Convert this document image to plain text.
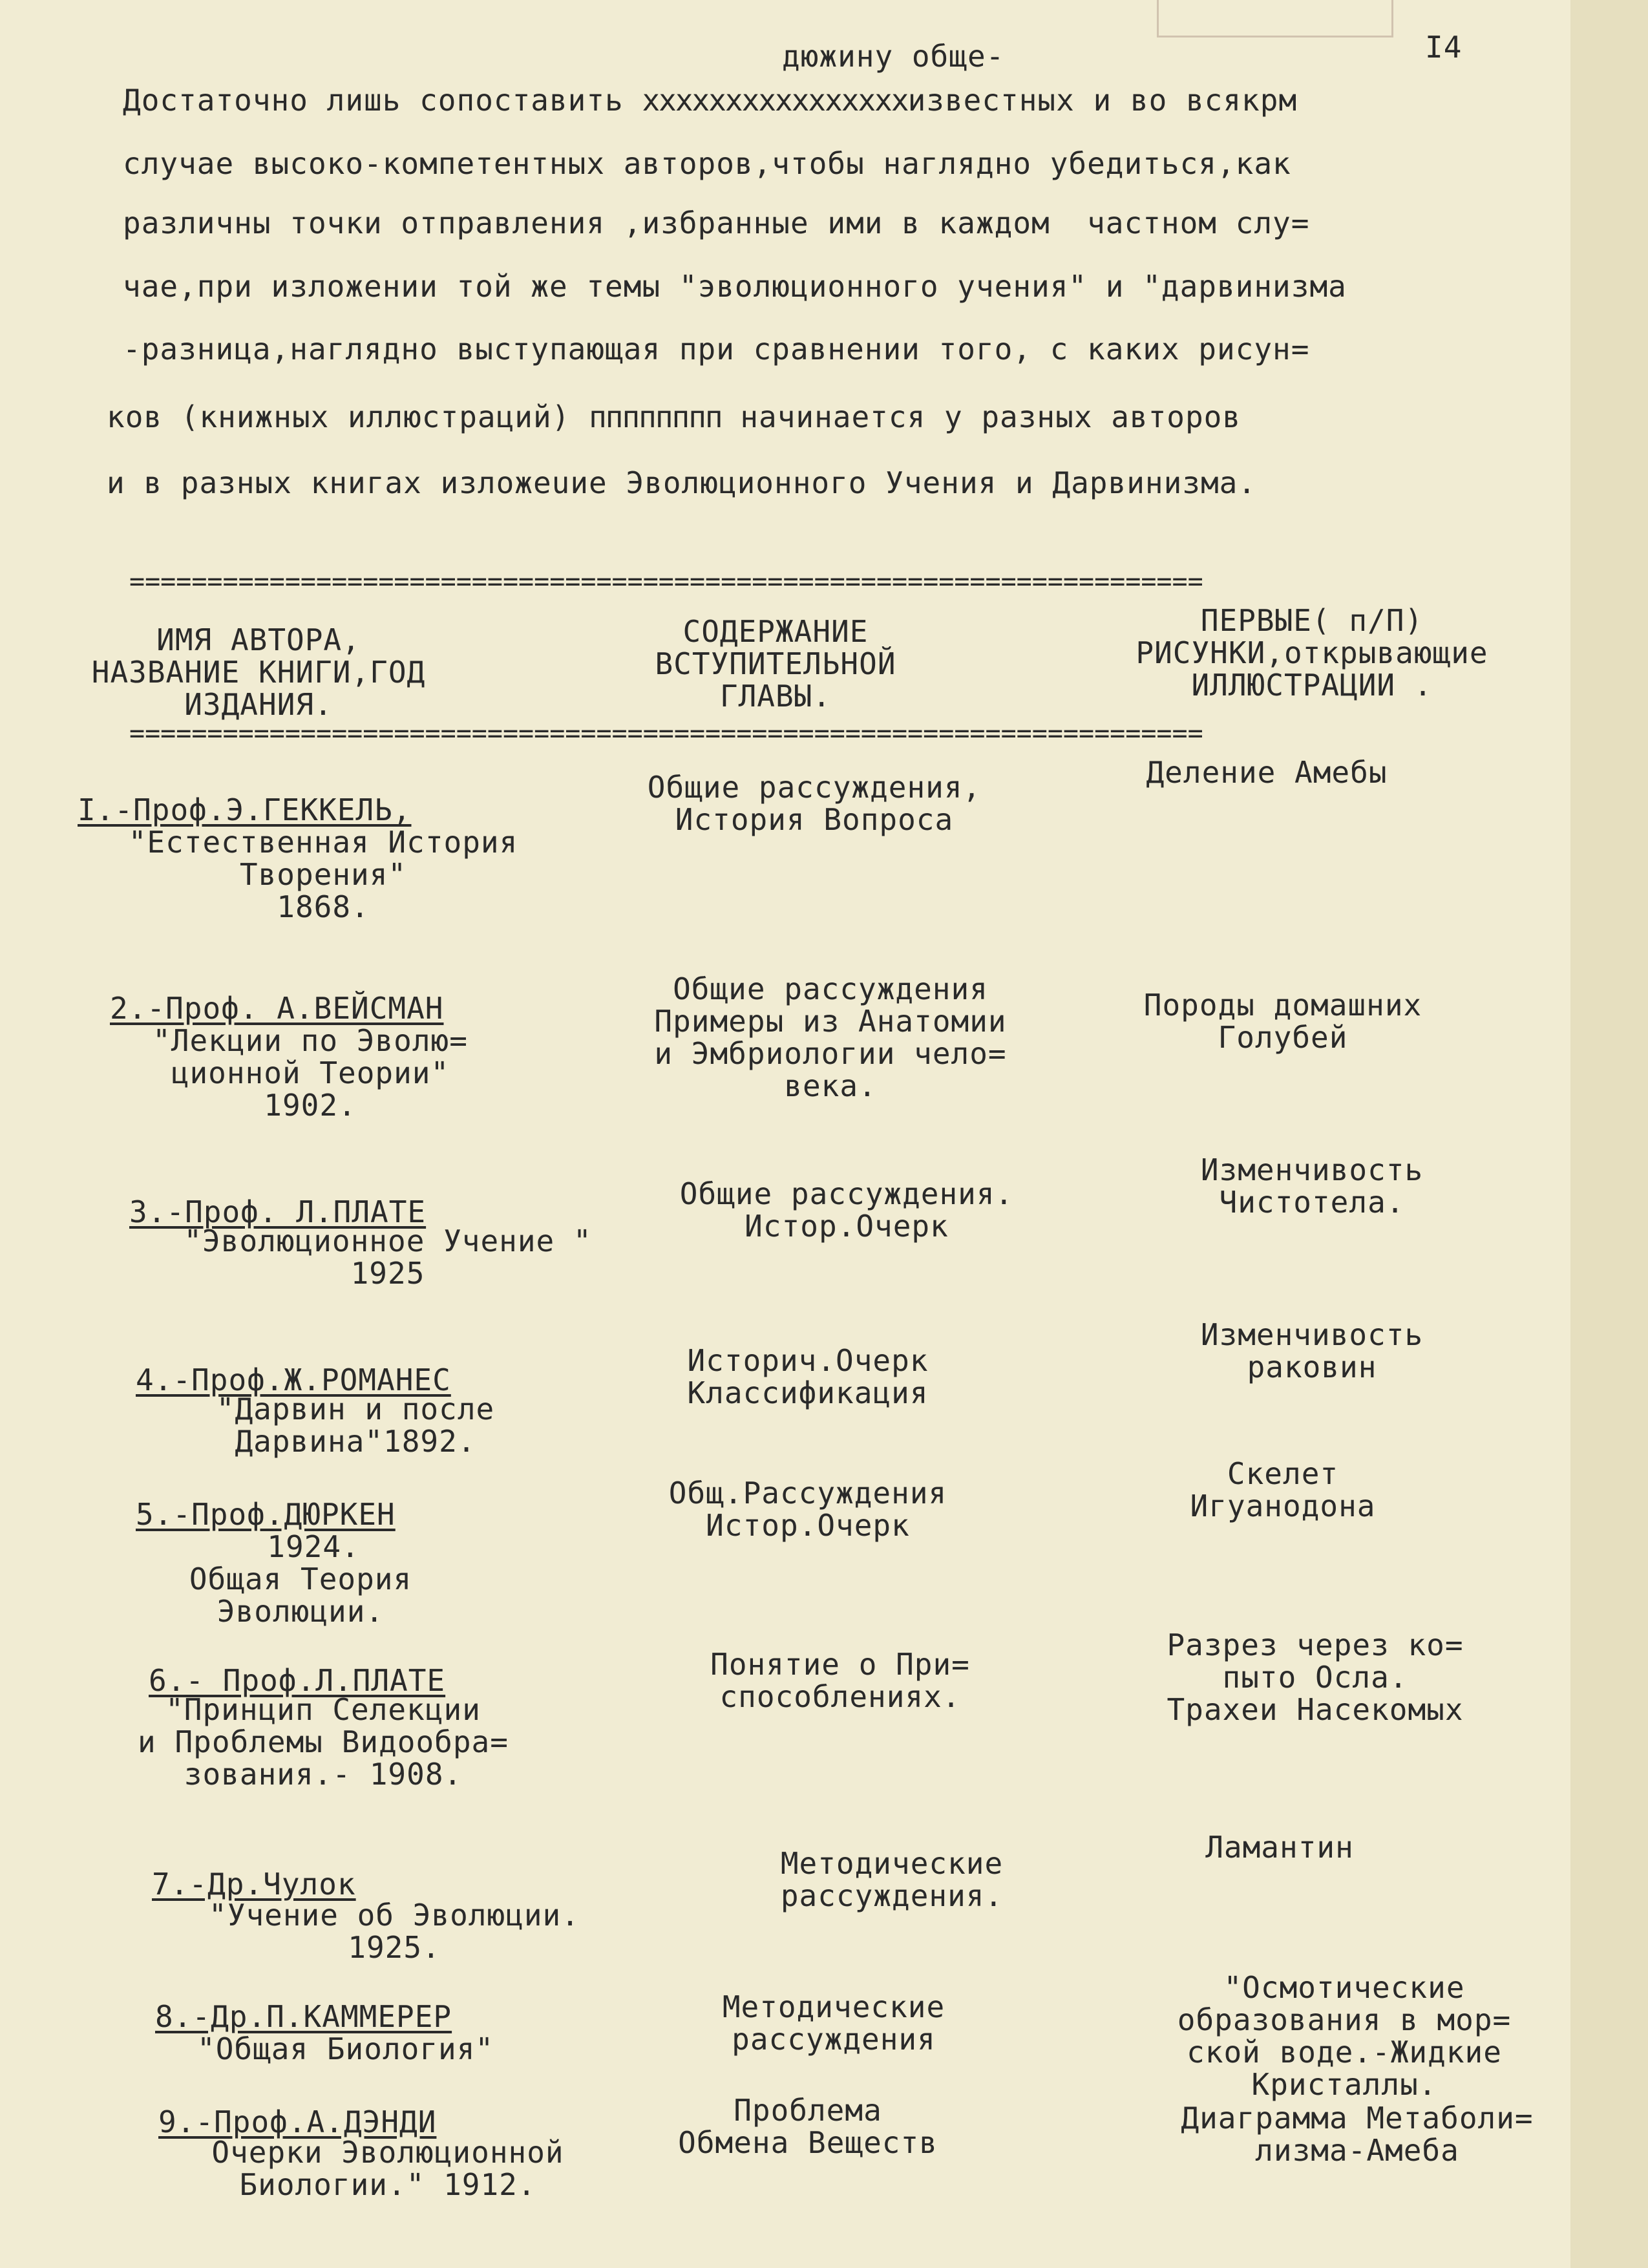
I4
дюжину обще-
Достаточно лишь сопоставить xxxxxxxxxxxxxxxxизвестных и во всякрм
случае высоко-компетентных авторов,чтобы наглядно убедиться,как
различны точки отправления ,избранные ими в каждом  частном слу=
чае,при изложении той же темы "эволюционного учения" и "дарвинизма
-разница,наглядно выступающая при сравнении того, с каких рисун=
ков (книжных иллюстраций) пппппппп начинается у разных авторов
и в разных книгах изложеuие Эволюционного Учения и Дарвинизма.
=====================================================================
ИМЯ АВТОРА,
НАЗВАНИЕ КНИГИ,ГОД
ИЗДАНИЯ.
СОДЕРЖАНИЕ
ВСТУПИТЕЛЬНОЙ
ГЛАВЫ.
ПЕРВЫЕ( п/П)
РИСУНКИ,открывающие
ИЛЛЮСТРАЦИИ .
=====================================================================
I.-Проф.Э.ГЕККЕЛЬ,
"Естественная История
Творения"
1868.
Общие рассуждения,
История Вопроса
Деление Амебы
2.-Проф. А.ВЕЙСМАН
"Лекции по Эволю=
ционной Теории"
1902.
Общие рассуждения
Примеры из Анатомии
и Эмбриологии чело=
века.
Породы домашних
Голубей
3.-Проф. Л.ПЛАТЕ
"Эволюционное Учение "
1925
Общие рассуждения.
Истор.Очерк
Изменчивость
Чистотела.
4.-Проф.Ж.РОМАНЕС
"Дарвин и после
Дарвина"1892.
Историч.Очерк
Классификация
Изменчивость
раковин
5.-Проф.ДЮРКЕН
1924.
Общая Теория
Эволюции.
Общ.Рассуждения
Истор.Очерк
Скелет
Игуанодона
6.- Проф.Л.ПЛАТЕ
"Принцип Селекции
и Проблемы Видообра=
зования.- 1908.
Понятие о При=
способлениях.
Разрез через ко=
пыто Осла.
Трахеи Насекомых
7.-Др.Чулок
"Учение об Эволюции.
1925.
Методические
рассуждения.
Ламантин
8.-Др.П.КАММЕРЕР
"Общая Биология"
Методические
рассуждения
"Осмотические
образования в мор=
ской воде.-Жидкие
Кристаллы.
9.-Проф.А.ДЭНДИ
Очерки Эволюционной
Биологии." 1912.
Проблема
Обмена Веществ
Диаграмма Метаболи=
лизма-Амеба
